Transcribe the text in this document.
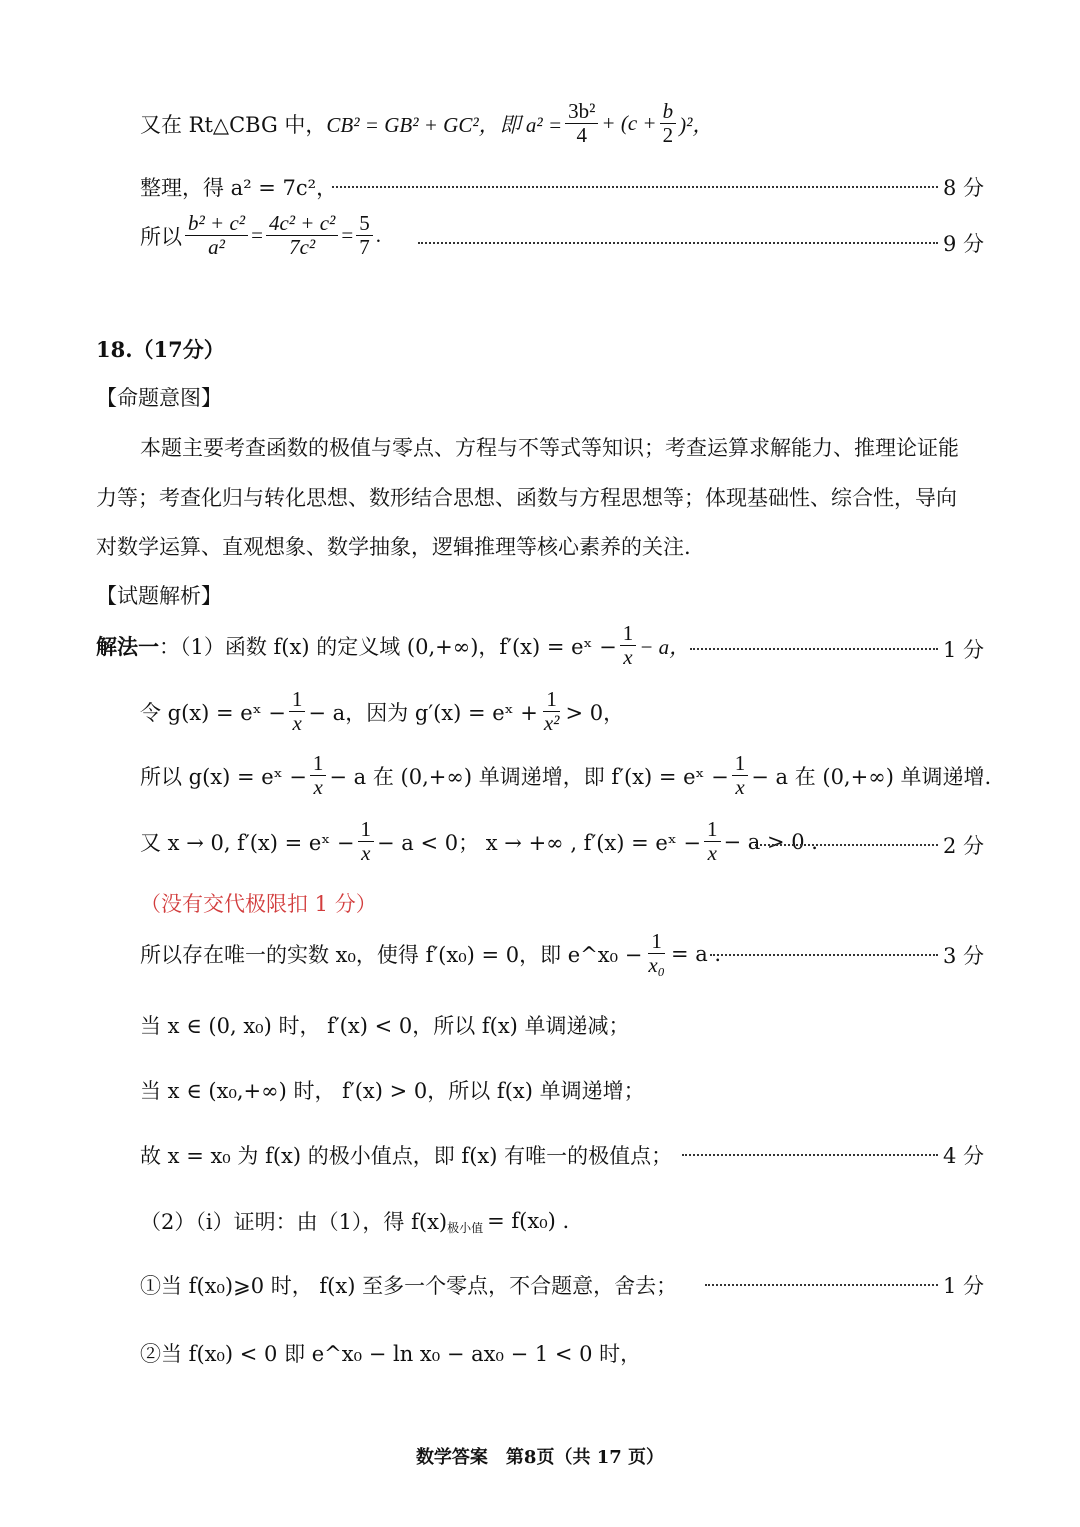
又在 Rt△CBG 中， CB² = GB² + GC²，即 $a^2 = \frac{\text{3b²}}{4} + (c + \frac{b}{2} )^2$，
整理，得 a² = 7c²，	8 分
所以 $\frac{\text{b² + c²}}{\text{a²}} = \frac{\text{4c² + c²}}{\text{7c²}} = \frac{5}{7}$ .	9 分
18.（17分）
【命题意图】
本题主要考查函数的极值与零点、方程与不等式等知识；考查运算求解能力、推理论证能
力等；考查化归与转化思想、数形结合思想、函数与方程思想等；体现基础性、综合性，导向
对数学运算、直观想象、数学抽象，逻辑推理等核心素养的关注.
【试题解析】
解法一 ：（1）函数 f(x) 的定义域 (0,+∞)，f′(x) = eˣ − $\frac{1}{x} - a$，	1 分
令 g(x) = eˣ − $\frac{1}{x} - a$，因为 g′(x) = eˣ + $\frac{1}{\text{x²}} > 0$，
所以 g(x) = eˣ − $\frac{1}{x} - a$ 在 (0,+∞) 单调递增，即 f′(x) = eˣ − $\frac{1}{x} - a$ 在 (0,+∞) 单调递增.
又 x → 0, f′(x) = eˣ − $\frac{1}{x} - a < 0$； x → +∞ , f′(x) = eˣ − $\frac{1}{x} - a > 0$ .	2 分
（没有交代极限扣 1 分）
所以存在唯一的实数 x₀，使得 f′(x₀) = 0，即 e^x₀ − $\frac{1}{\text{x₀}} = a$ .	3 分
当 x ∈ (0, x₀) 时， f′(x) < 0，所以 f(x) 单调递减；
当 x ∈ (x₀,+∞) 时， f′(x) > 0，所以 f(x) 单调递增；
故 x = x₀ 为 f(x) 的极小值点，即 f(x) 有唯一的极值点；	4 分
（2）（i）证明：由（1），得 f(x) 极小值 = f(x₀) .
①当 f(x₀)⩾0 时， f(x) 至多一个零点，不合题意，舍去；	1 分
②当 f(x₀) < 0 即 e^x₀ − ln x₀ − ax₀ − 1 < 0 时，
数学答案　第8页（共 17 页）
